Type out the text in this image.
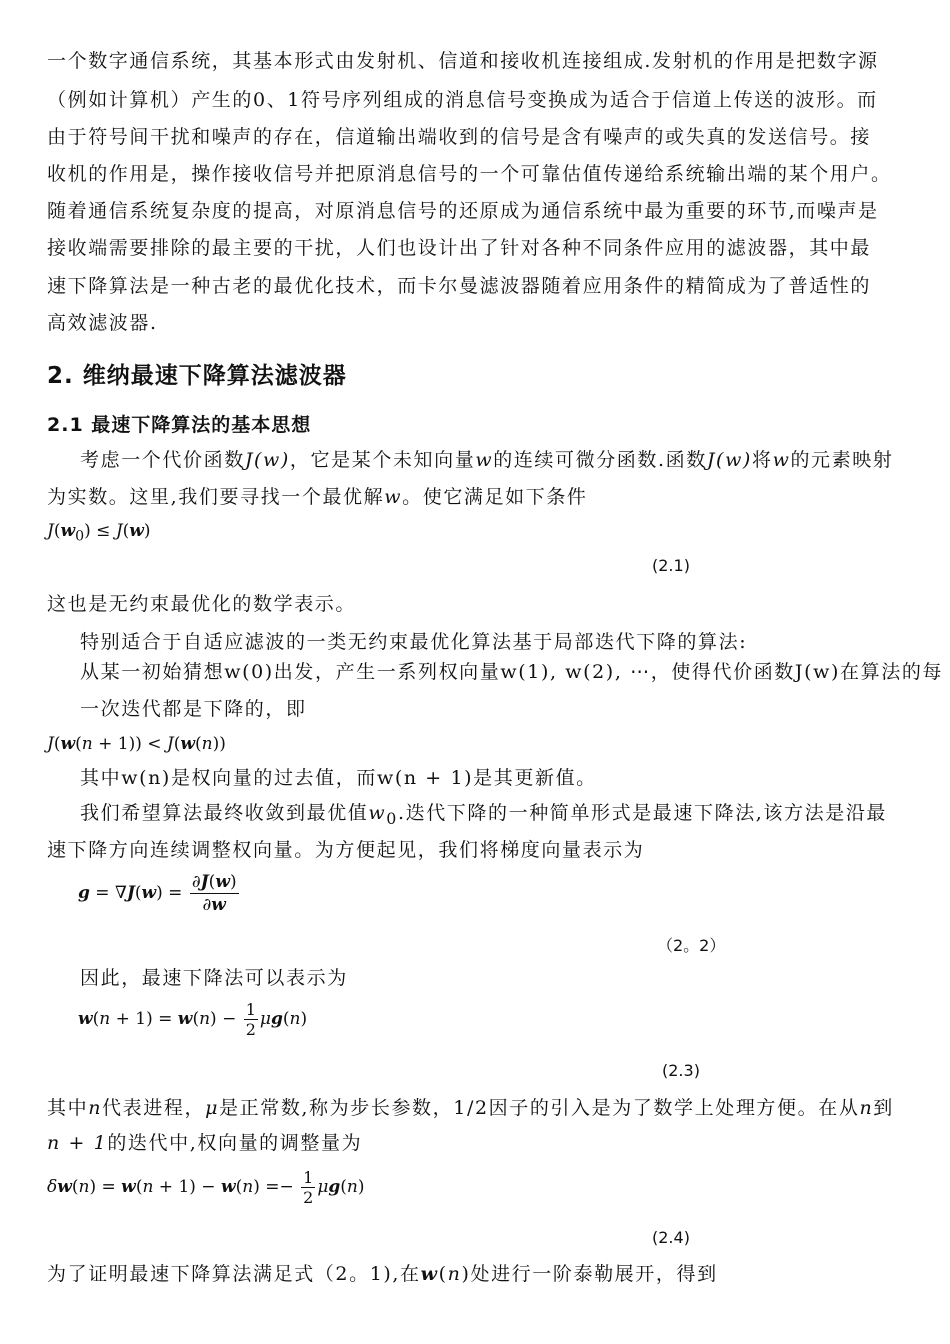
一个数字通信系统，其基本形式由发射机、信道和接收机连接组成.发射机的作用是把数字源
（例如计算机）产生的0、1符号序列组成的消息信号变换成为适合于信道上传送的波形。而
由于符号间干扰和噪声的存在，信道输出端收到的信号是含有噪声的或失真的发送信号。接
收机的作用是，操作接收信号并把原消息信号的一个可靠估值传递给系统输出端的某个用户。
随着通信系统复杂度的提高，对原消息信号的还原成为通信系统中最为重要的环节,而噪声是
接收端需要排除的最主要的干扰，人们也设计出了针对各种不同条件应用的滤波器，其中最
速下降算法是一种古老的最优化技术，而卡尔曼滤波器随着应用条件的精简成为了普适性的
高效滤波器.
2. 维纳最速下降算法滤波器
2.1 最速下降算法的基本思想
考虑一个代价函数J(w)，它是某个未知向量w的连续可微分函数.函数J(w)将w的元素映射
为实数。这里,我们要寻找一个最优解w。使它满足如下条件
$J(w_0) \le J(w)$
(2.1)
这也是无约束最优化的数学表示。
特别适合于自适应滤波的一类无约束最优化算法基于局部迭代下降的算法:
从某一初始猜想w(0)出发，产生一系列权向量w(1), w(2), ⋯，使得代价函数J(w)在算法的每
一次迭代都是下降的，即
J(w(n + 1)) < J(w(n))
其中w(n)是权向量的过去值，而w(n + 1)是其更新值。
我们希望算法最终收敛到最优值$w_0$.迭代下降的一种简单形式是最速下降法,该方法是沿最
速下降方向连续调整权向量。为方便起见，我们将梯度向量表示为
$g = \nabla J(w) = \frac{\partial J(w)}{\partial w}$
（2。2）
因此，最速下降法可以表示为
$w(n + 1) = w(n) - \frac{1}{2} \mu g(n)$
(2.3)
其中n代表进程，μ是正常数,称为步长参数，1/2因子的引入是为了数学上处理方便。在从n到
n + 1的迭代中,权向量的调整量为
$\delta w(n) = w(n + 1) - w(n) =- \frac{1}{2} \mu g(n)$
(2.4)
为了证明最速下降算法满足式（2。1),在w(n)处进行一阶泰勒展开，得到
